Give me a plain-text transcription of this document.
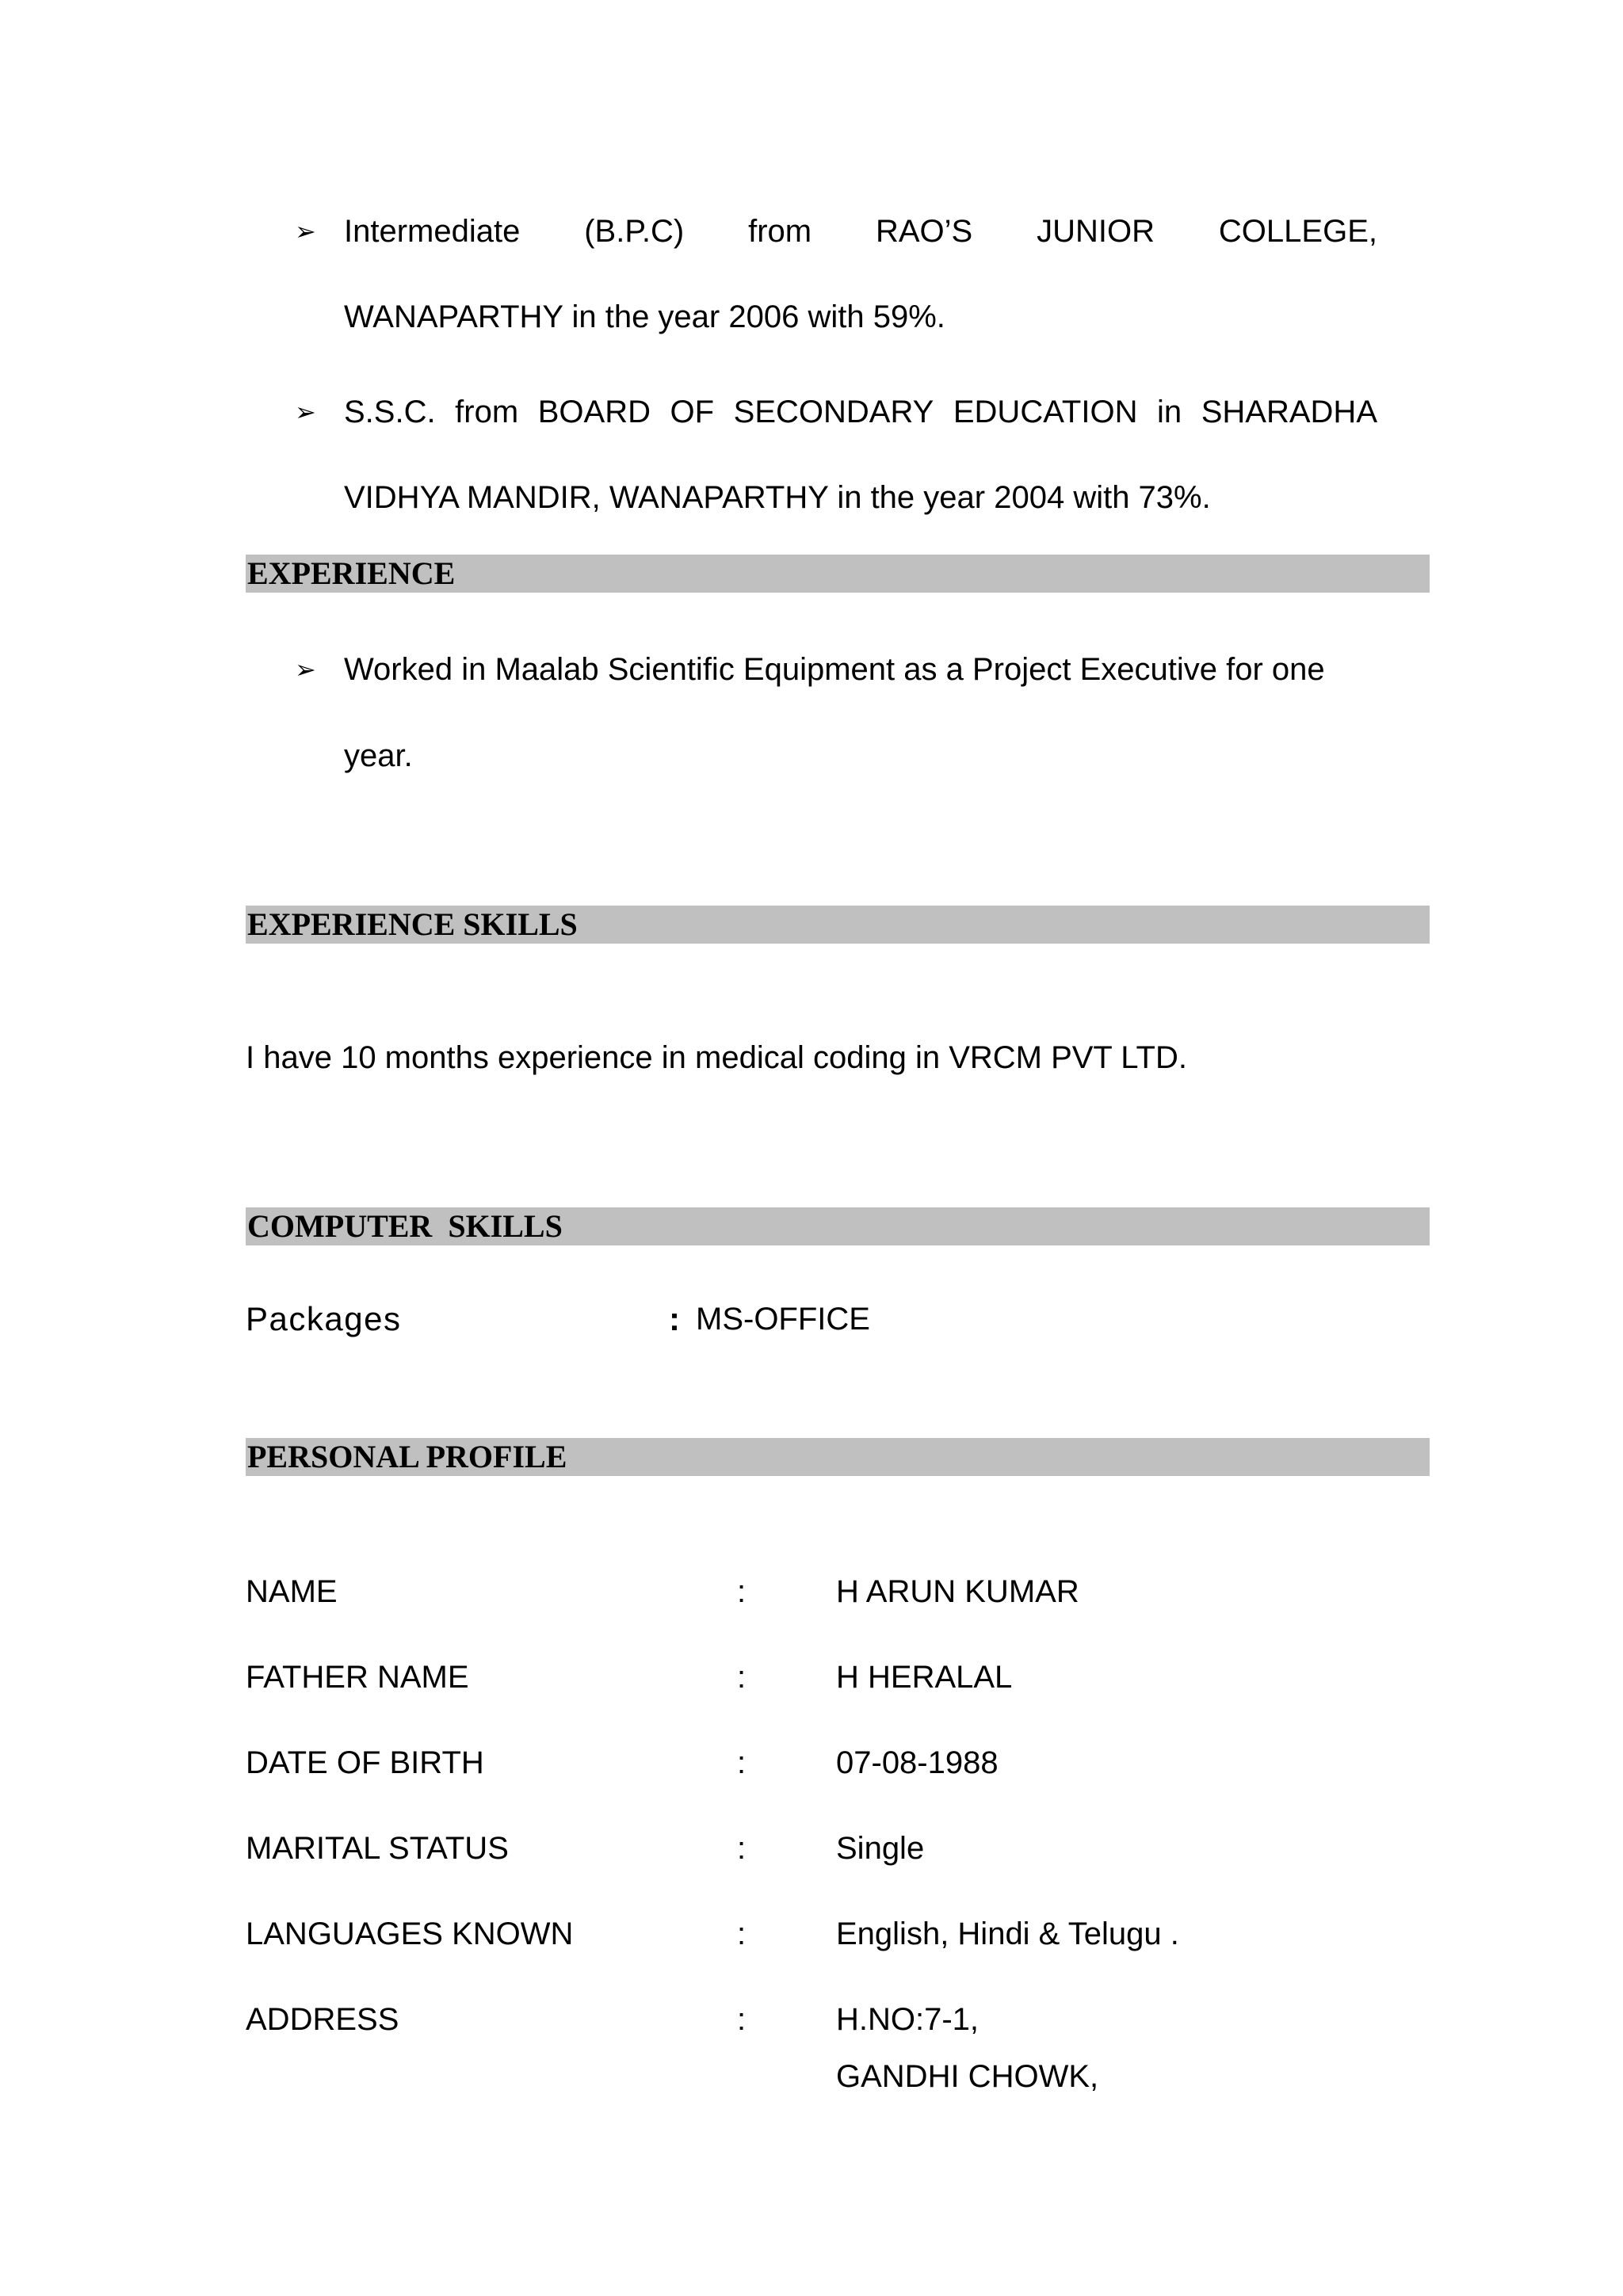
➢ Intermediate (B.P.C) from RAO’S JUNIOR COLLEGE,
WANAPARTHY in the year 2006 with 59%.
➢ S.S.C. from BOARD OF SECONDARY EDUCATION in SHARADHA
VIDHYA MANDIR, WANAPARTHY in the year 2004 with 73%.
EXPERIENCE
➢ Worked in Maalab Scientific Equipment as a Project Executive for one
year.
EXPERIENCE SKILLS
I have 10 months experience in medical coding in VRCM PVT LTD.
COMPUTER  SKILLS
Packages	: MS-OFFICE
PERSONAL PROFILE
NAME	:	H ARUN KUMAR
FATHER NAME	:	H HERALAL
DATE OF BIRTH	:	07-08-1988
MARITAL STATUS	:	Single
LANGUAGES KNOWN	:	English, Hindi & Telugu .
ADDRESS	:	H.NO:7-1,
GANDHI CHOWK,
